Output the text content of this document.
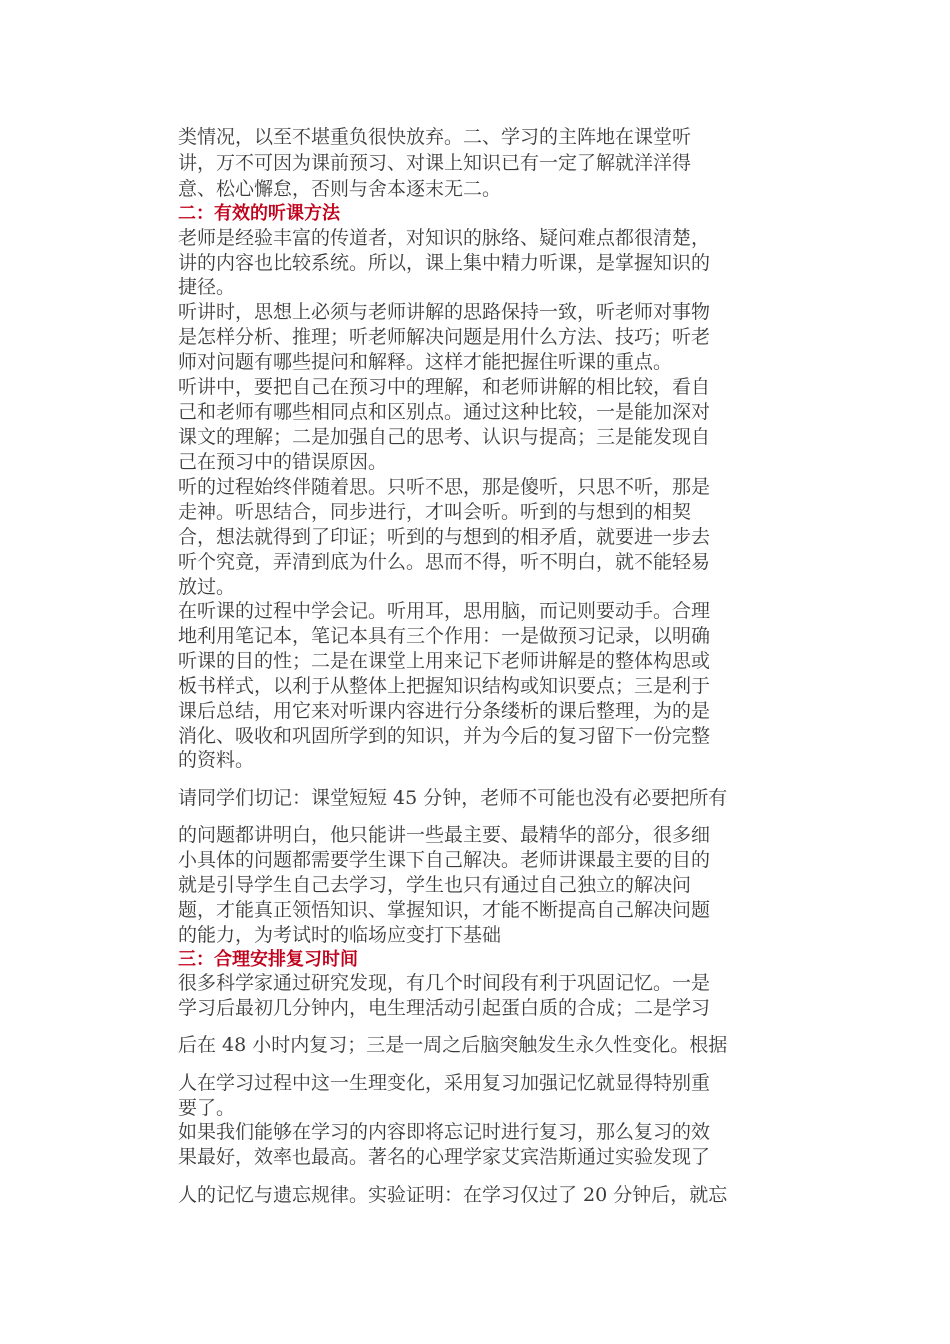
类情况，以至不堪重负很快放弃。二、学习的主阵地在课堂听

讲，万不可因为课前预习、对课上知识已有一定了解就洋洋得

意、松心懈怠，否则与舍本逐末无二。

二：有效的听课方法

老师是经验丰富的传道者，对知识的脉络、疑问难点都很清楚，

讲的内容也比较系统。所以，课上集中精力听课，是掌握知识的

捷径。

听讲时，思想上必须与老师讲解的思路保持一致，听老师对事物

是怎样分析、推理；听老师解决问题是用什么方法、技巧；听老

师对问题有哪些提问和解释。这样才能把握住听课的重点。

听讲中，要把自己在预习中的理解，和老师讲解的相比较，看自

己和老师有哪些相同点和区别点。通过这种比较，一是能加深对

课文的理解；二是加强自己的思考、认识与提高；三是能发现自

己在预习中的错误原因。

听的过程始终伴随着思。只听不思，那是傻听，只思不听，那是

走神。听思结合，同步进行，才叫会听。听到的与想到的相契

合，想法就得到了印证；听到的与想到的相矛盾，就要进一步去

听个究竟，弄清到底为什么。思而不得，听不明白，就不能轻易

放过。

在听课的过程中学会记。听用耳，思用脑，而记则要动手。合理

地利用笔记本，笔记本具有三个作用：一是做预习记录，以明确

听课的目的性；二是在课堂上用来记下老师讲解是的整体构思或

板书样式，以利于从整体上把握知识结构或知识要点；三是利于

课后总结，用它来对听课内容进行分条缕析的课后整理，为的是

消化、吸收和巩固所学到的知识，并为今后的复习留下一份完整

的资料。

请同学们切记：课堂短短 45 分钟，老师不可能也没有必要把所有

的问题都讲明白，他只能讲一些最主要、最精华的部分，很多细

小具体的问题都需要学生课下自己解决。老师讲课最主要的目的

就是引导学生自己去学习，学生也只有通过自己独立的解决问

题，才能真正领悟知识、掌握知识，才能不断提高自己解决问题

的能力，为考试时的临场应变打下基础

三：合理安排复习时间

很多科学家通过研究发现，有几个时间段有利于巩固记忆。一是

学习后最初几分钟内，电生理活动引起蛋白质的合成；二是学习

后在 48 小时内复习；三是一周之后脑突触发生永久性变化。根据

人在学习过程中这一生理变化，采用复习加强记忆就显得特别重

要了。

如果我们能够在学习的内容即将忘记时进行复习，那么复习的效

果最好，效率也最高。著名的心理学家艾宾浩斯通过实验发现了

人的记忆与遗忘规律。实验证明：在学习仅过了 20 分钟后，就忘
